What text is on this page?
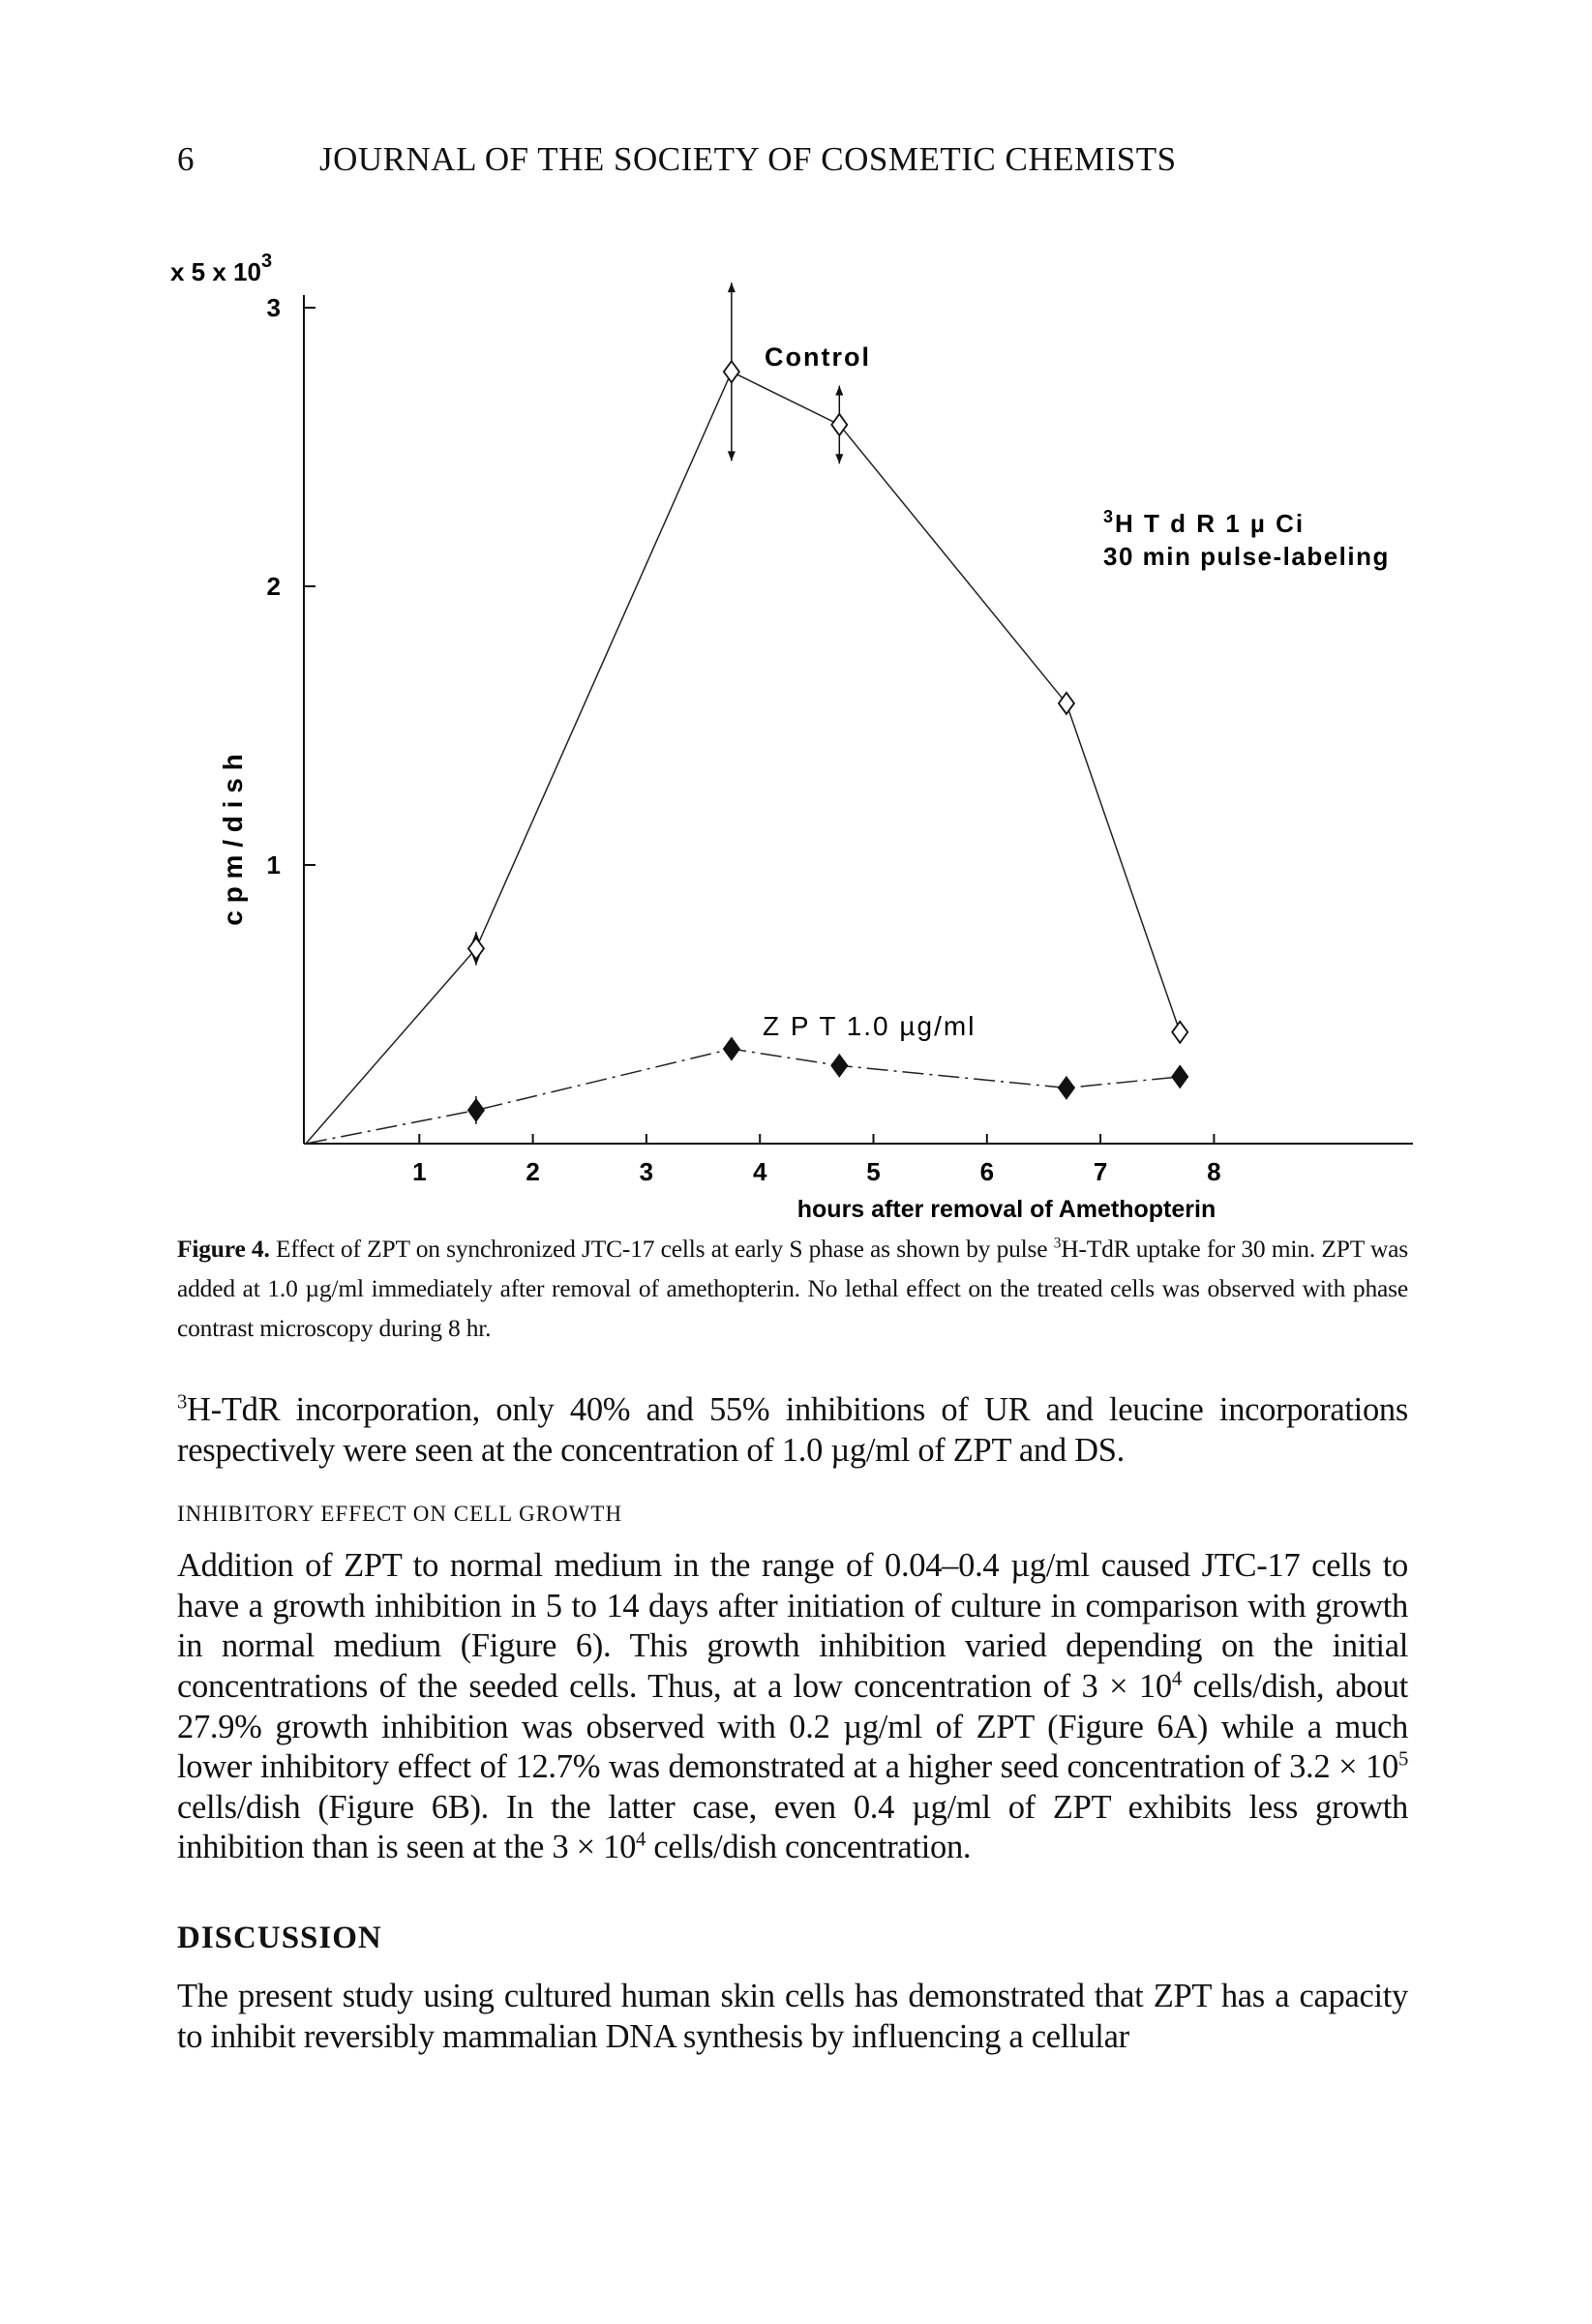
6	JOURNAL OF THE SOCIETY OF COSMETIC CHEMISTS
x 5 x $10^3$
c p m / d i s h
hours after removal of Amethopterin
1
2
3
1	2	3	4	5	6	7	8
Control
$^3$H T d R 1 µ Ci
30 min pulse-labeling
Z P T 1.0 µg/ml
Figure 4. Effect of ZPT on synchronized JTC-17 cells at early S phase as shown by pulse $^3$H-TdR uptake for 30 min. ZPT was added at 1.0 µg/ml immediately after removal of amethopterin. No lethal effect on the treated cells was observed with phase contrast microscopy during 8 hr.
$^3$H-TdR incorporation, only 40% and 55% inhibitions of UR and leucine incorporations respectively were seen at the concentration of 1.0 µg/ml of ZPT and DS.
INHIBITORY EFFECT ON CELL GROWTH
Addition of ZPT to normal medium in the range of 0.04–0.4 µg/ml caused JTC-17 cells to have a growth inhibition in 5 to 14 days after initiation of culture in comparison with growth in normal medium (Figure 6). This growth inhibition varied depending on the initial concentrations of the seeded cells. Thus, at a low concentration of $3 \times 10^4$ cells/dish, about 27.9% growth inhibition was observed with 0.2 µg/ml of ZPT (Figure 6A) while a much lower inhibitory effect of 12.7% was demonstrated at a higher seed concentration of $3.2 \times 10^5$ cells/dish (Figure 6B). In the latter case, even 0.4 µg/ml of ZPT exhibits less growth inhibition than is seen at the $3 \times 10^4$ cells/dish concentration.
DISCUSSION
The present study using cultured human skin cells has demonstrated that ZPT has a capacity to inhibit reversibly mammalian DNA synthesis by influencing a cellular
